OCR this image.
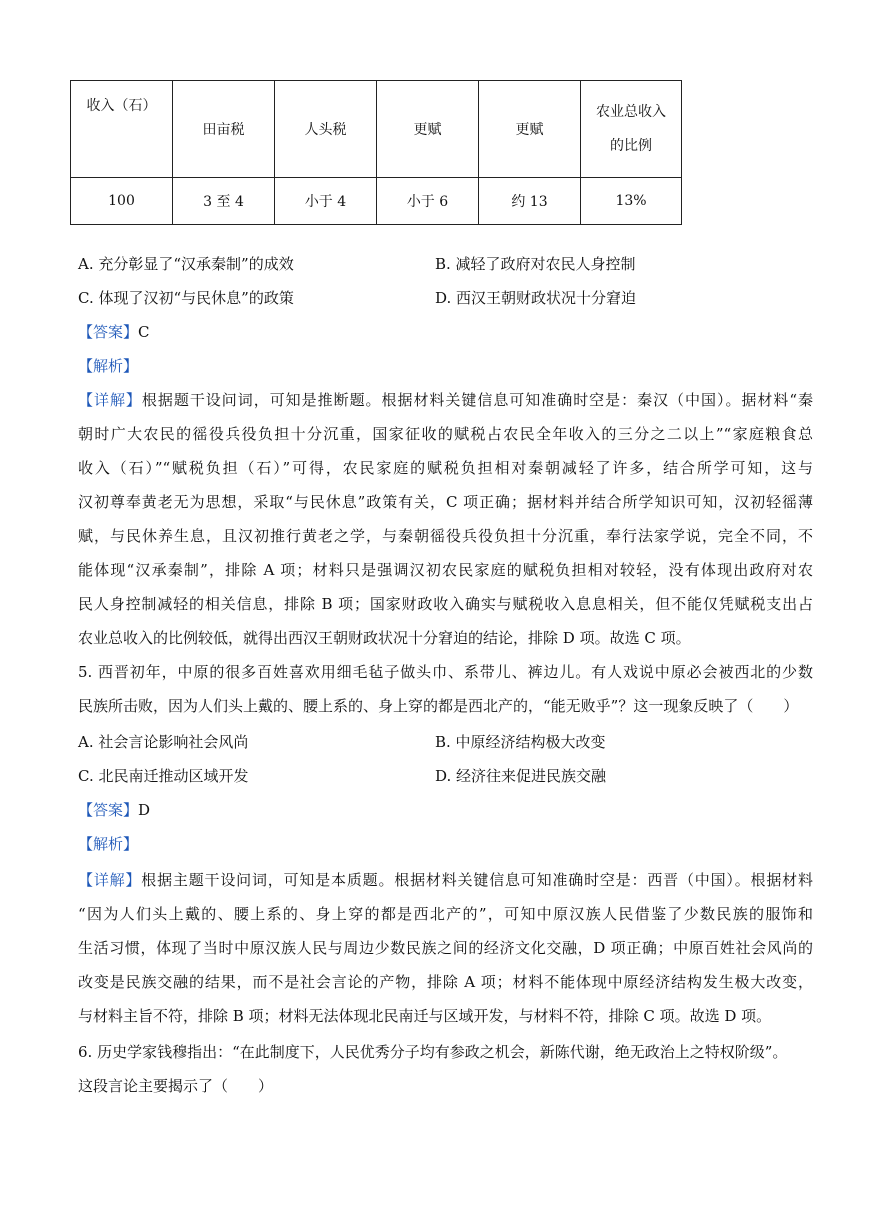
收入（石）	田亩税	人头税	更赋	更赋	农业总收入
的比例

100	3 至 4	小于 4	小于 6	约 13	13%
A. 充分彰显了“汉承秦制”的成效	B. 减轻了政府对农民人身控制
C. 体现了汉初“与民休息”的政策	D. 西汉王朝财政状况十分窘迫
【答案】C
【解析】
【详解】根据题干设问词，可知是推断题。根据材料关键信息可知准确时空是：秦汉（中国）。据材料“秦
朝时广大农民的徭役兵役负担十分沉重，国家征收的赋税占农民全年收入的三分之二以上”“家庭粮食总
收入（石）”“赋税负担（石）”可得，农民家庭的赋税负担相对秦朝减轻了许多，结合所学可知，这与
汉初尊奉黄老无为思想，采取“与民休息”政策有关，C 项正确；据材料并结合所学知识可知，汉初轻徭薄
赋，与民休养生息，且汉初推行黄老之学，与秦朝徭役兵役负担十分沉重，奉行法家学说，完全不同，不
能体现“汉承秦制”，排除 A 项；材料只是强调汉初农民家庭的赋税负担相对较轻，没有体现出政府对农
民人身控制减轻的相关信息，排除 B 项；国家财政收入确实与赋税收入息息相关，但不能仅凭赋税支出占
农业总收入的比例较低，就得出西汉王朝财政状况十分窘迫的结论，排除 D 项。故选 C 项。
5. 西晋初年，中原的很多百姓喜欢用细毛毡子做头巾、系带儿、裤边儿。有人戏说中原必会被西北的少数
民族所击败，因为人们头上戴的、腰上系的、身上穿的都是西北产的，“能无败乎”？这一现象反映了（　　）
A. 社会言论影响社会风尚	B. 中原经济结构极大改变
C. 北民南迁推动区域开发	D. 经济往来促进民族交融
【答案】D
【解析】
【详解】根据主题干设问词，可知是本质题。根据材料关键信息可知准确时空是：西晋（中国）。根据材料
“因为人们头上戴的、腰上系的、身上穿的都是西北产的”，可知中原汉族人民借鉴了少数民族的服饰和
生活习惯，体现了当时中原汉族人民与周边少数民族之间的经济文化交融，D 项正确；中原百姓社会风尚的
改变是民族交融的结果，而不是社会言论的产物，排除 A 项；材料不能体现中原经济结构发生极大改变，
与材料主旨不符，排除 B 项；材料无法体现北民南迁与区域开发，与材料不符，排除 C 项。故选 D 项。
6. 历史学家钱穆指出：“在此制度下，人民优秀分子均有参政之机会，新陈代谢，绝无政治上之特权阶级”。
这段言论主要揭示了（　　）
